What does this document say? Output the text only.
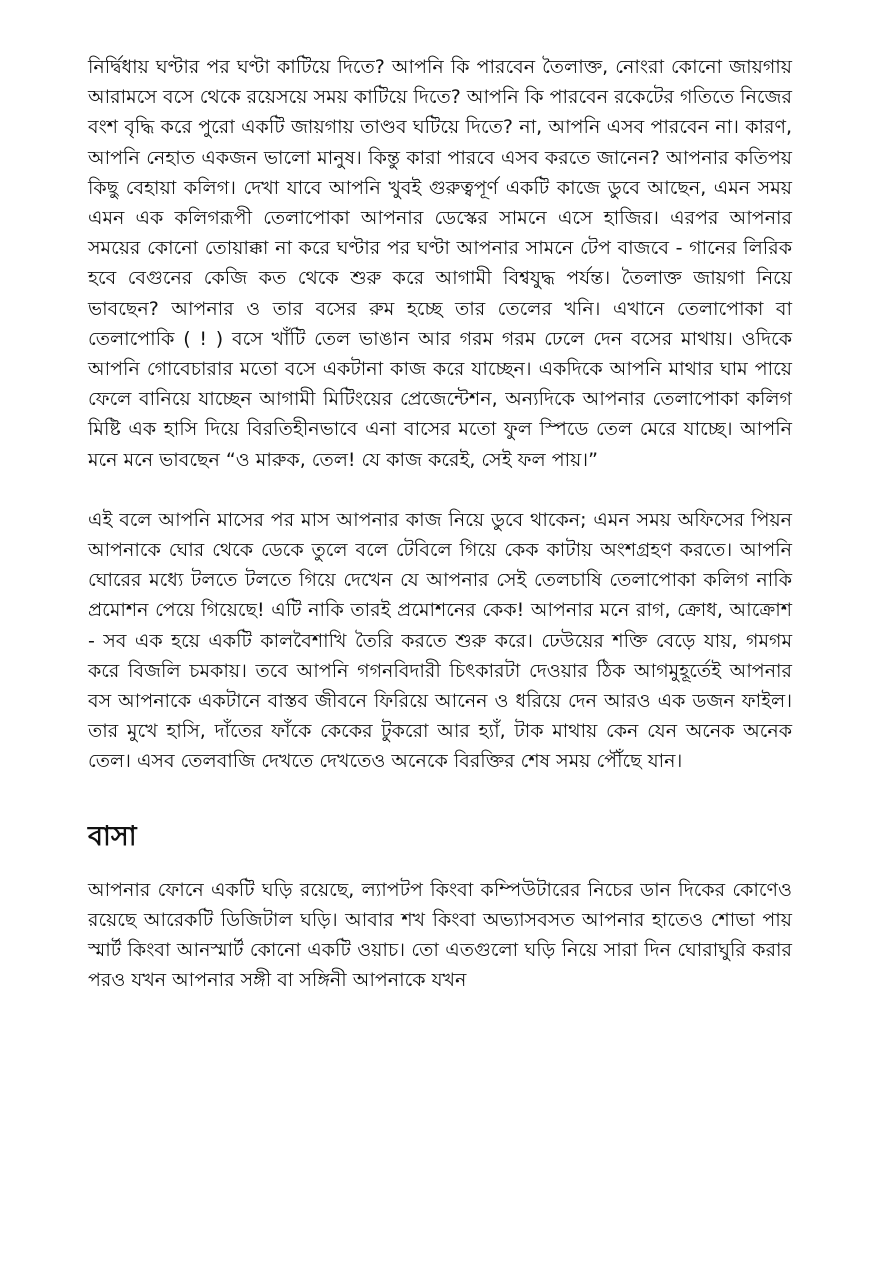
নির্দ্বিধায় ঘণ্টার পর ঘণ্টা কাটিয়ে দিতে? আপনি কি পারবেন তৈলাক্ত, নোংরা কোনো জায়গায় আরামসে বসে থেকে রয়েসয়ে সময় কাটিয়ে দিতে? আপনি কি পারবেন রকেটের গতিতে নিজের বংশ বৃদ্ধি করে পুরো একটি জায়গায় তাণ্ডব ঘটিয়ে দিতে? না, আপনি এসব পারবেন না। কারণ, আপনি নেহাত একজন ভালো মানুষ। কিন্তু কারা পারবে এসব করতে জানেন? আপনার কতিপয় কিছু বেহায়া কলিগ। দেখা যাবে আপনি খুবই গুরুত্বপূর্ণ একটি কাজে ডুবে আছেন, এমন সময় এমন এক কলিগরূপী তেলাপোকা আপনার ডেস্কের সামনে এসে হাজির। এরপর আপনার সময়ের কোনো তোয়াক্কা না করে ঘণ্টার পর ঘণ্টা আপনার সামনে টেপ বাজবে - গানের লিরিক হবে বেগুনের কেজি কত থেকে শুরু করে আগামী বিশ্বযুদ্ধ পর্যন্ত। তৈলাক্ত জায়গা নিয়ে ভাবছেন? আপনার ও তার বসের রুম হচ্ছে তার তেলের খনি। এখানে তেলাপোকা বা তেলাপোকি ( ! ) বসে খাঁটি তেল ভাঙান আর গরম গরম ঢেলে দেন বসের মাথায়। ওদিকে আপনি গোবেচারার মতো বসে একটানা কাজ করে যাচ্ছেন। একদিকে আপনি মাথার ঘাম পায়ে ফেলে বানিয়ে যাচ্ছেন আগামী মিটিংয়ের প্রেজেন্টেশন, অন্যদিকে আপনার তেলাপোকা কলিগ মিষ্টি এক হাসি দিয়ে বিরতিহীনভাবে এনা বাসের মতো ফুল স্পিডে তেল মেরে যাচ্ছে। আপনি মনে মনে ভাবছেন “ও মারুক, তেল! যে কাজ করেই, সেই ফল পায়।”

এই বলে আপনি মাসের পর মাস আপনার কাজ নিয়ে ডুবে থাকেন; এমন সময় অফিসের পিয়ন আপনাকে ঘোর থেকে ডেকে তুলে বলে টেবিলে গিয়ে কেক কাটায় অংশগ্রহণ করতে। আপনি ঘোরের মধ্যে টলতে টলতে গিয়ে দেখেন যে আপনার সেই তেলচাষি তেলাপোকা কলিগ নাকি প্রমোশন পেয়ে গিয়েছে! এটি নাকি তারই প্রমোশনের কেক! আপনার মনে রাগ, ক্রোধ, আক্রোশ - সব এক হয়ে একটি কালবৈশাখি তৈরি করতে শুরু করে। ঢেউয়ের শক্তি বেড়ে যায়, গমগম করে বিজলি চমকায়। তবে আপনি গগনবিদারী চিৎকারটা দেওয়ার ঠিক আগমুহূর্তেই আপনার বস আপনাকে একটানে বাস্তব জীবনে ফিরিয়ে আনেন ও ধরিয়ে দেন আরও এক ডজন ফাইল। তার মুখে হাসি, দাঁতের ফাঁকে কেকের টুকরো আর হ্যাঁ, টাক মাথায় কেন যেন অনেক অনেক তেল। এসব তেলবাজি দেখতে দেখতেও অনেকে বিরক্তির শেষ সময় পৌঁছে যান।

বাসা

আপনার ফোনে একটি ঘড়ি রয়েছে, ল্যাপটপ কিংবা কম্পিউটারের নিচের ডান দিকের কোণেও রয়েছে আরেকটি ডিজিটাল ঘড়ি। আবার শখ কিংবা অভ্যাসবসত আপনার হাতেও শোভা পায় স্মার্ট কিংবা আনস্মার্ট কোনো একটি ওয়াচ। তো এতগুলো ঘড়ি নিয়ে সারা দিন ঘোরাঘুরি করার পরও যখন আপনার সঙ্গী বা সঙ্গিনী আপনাকে যখন
